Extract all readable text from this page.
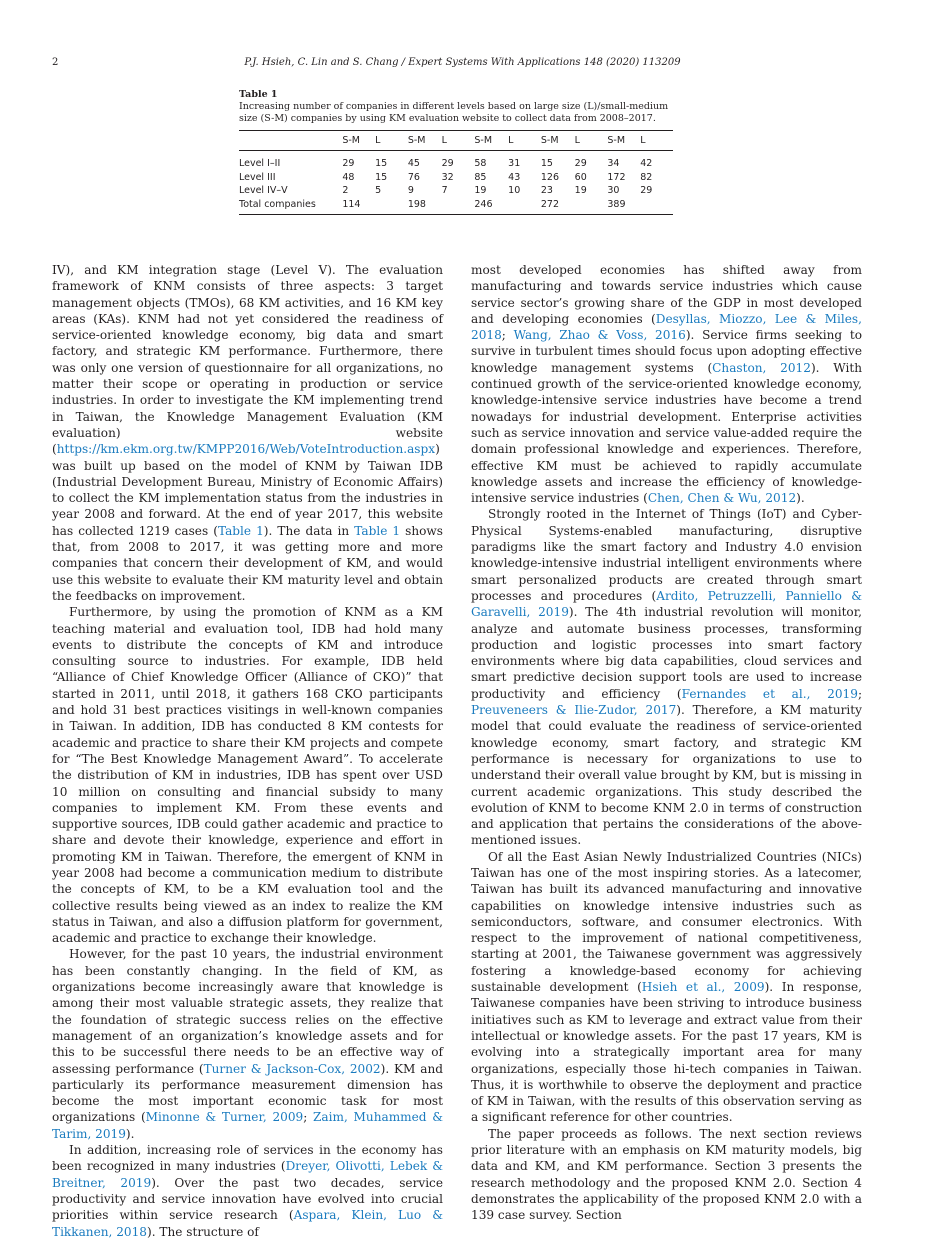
2	P.J. Hsieh, C. Lin and S. Chang / Expert Systems With Applications 148 (2020) 113209
Table 1
Increasing number of companies in different levels based on large size (L)/small-medium size (S-M) companies by using KM evaluation website to collect data from 2008–2017.
	S-M	L	S-M	L	S-M	L	S-M	L	S-M	L
Level I–II	29	15	45	29	58	31	15	29	34	42
Level III	48	15	76	32	85	43	126	60	172	82
Level IV–V	2	5	9	7	19	10	23	19	30	29
Total companies	114		198		246		272		389	

IV), and KM integration stage (Level V). The evaluation framework of KNM consists of three aspects: 3 target management objects (TMOs), 68 KM activities, and 16 KM key areas (KAs). KNM had not yet considered the readiness of service-oriented knowledge economy, big data and smart factory, and strategic KM performance. Furthermore, there was only one version of questionnaire for all organizations, no matter their scope or operating in production or service industries. In order to investigate the KM implementing trend in Taiwan, the Knowledge Management Evaluation (KM evaluation) website (https://km.ekm.org.tw/KMPP2016/Web/VoteIntroduction.aspx) was built up based on the model of KNM by Taiwan IDB (Industrial Development Bureau, Ministry of Economic Affairs) to collect the KM implementation status from the industries in year 2008 and forward. At the end of year 2017, this website has collected 1219 cases (Table 1). The data in Table 1 shows that, from 2008 to 2017, it was getting more and more companies that concern their development of KM, and would use this website to evaluate their KM maturity level and obtain the feedbacks on improvement.

Furthermore, by using the promotion of KNM as a KM teaching material and evaluation tool, IDB had hold many events to distribute the concepts of KM and introduce consulting source to industries. For example, IDB held “Alliance of Chief Knowledge Officer (Alliance of CKO)” that started in 2011, until 2018, it gathers 168 CKO participants and hold 31 best practices visitings in well-known companies in Taiwan. In addition, IDB has conducted 8 KM contests for academic and practice to share their KM projects and compete for “The Best Knowledge Management Award”. To accelerate the distribution of KM in industries, IDB has spent over USD 10 million on consulting and financial subsidy to many companies to implement KM. From these events and supportive sources, IDB could gather academic and practice to share and devote their knowledge, experience and effort in promoting KM in Taiwan. Therefore, the emergent of KNM in year 2008 had become a communication medium to distribute the concepts of KM, to be a KM evaluation tool and the collective results being viewed as an index to realize the KM status in Taiwan, and also a diffusion platform for government, academic and practice to exchange their knowledge.

However, for the past 10 years, the industrial environment has been constantly changing. In the field of KM, as organizations become increasingly aware that knowledge is among their most valuable strategic assets, they realize that the foundation of strategic success relies on the effective management of an organization’s knowledge assets and for this to be successful there needs to be an effective way of assessing performance (Turner & Jackson-Cox, 2002). KM and particularly its performance measurement dimension has become the most important economic task for most organizations (Minonne & Turner, 2009; Zaim, Muhammed & Tarim, 2019).

In addition, increasing role of services in the economy has been recognized in many industries (Dreyer, Olivotti, Lebek & Breitner, 2019). Over the past two decades, service productivity and service innovation have evolved into crucial priorities within service research (Aspara, Klein, Luo & Tikkanen, 2018). The structure of

most developed economies has shifted away from manufacturing and towards service industries which cause service sector’s growing share of the GDP in most developed and developing economies (Desyllas, Miozzo, Lee & Miles, 2018; Wang, Zhao & Voss, 2016). Service firms seeking to survive in turbulent times should focus upon adopting effective knowledge management systems (Chaston, 2012). With continued growth of the service-oriented knowledge economy, knowledge-intensive service industries have become a trend nowadays for industrial development. Enterprise activities such as service innovation and service value-added require the domain professional knowledge and experiences. Therefore, effective KM must be achieved to rapidly accumulate knowledge assets and increase the efficiency of knowledge-intensive service industries (Chen, Chen & Wu, 2012).

Strongly rooted in the Internet of Things (IoT) and Cyber-Physical Systems-enabled manufacturing, disruptive paradigms like the smart factory and Industry 4.0 envision knowledge-intensive industrial intelligent environments where smart personalized products are created through smart processes and procedures (Ardito, Petruzzelli, Panniello & Garavelli, 2019). The 4th industrial revolution will monitor, analyze and automate business processes, transforming production and logistic processes into smart factory environments where big data capabilities, cloud services and smart predictive decision support tools are used to increase productivity and efficiency (Fernandes et al., 2019; Preuveneers & Ilie-Zudor, 2017). Therefore, a KM maturity model that could evaluate the readiness of service-oriented knowledge economy, smart factory, and strategic KM performance is necessary for organizations to use to understand their overall value brought by KM, but is missing in current academic organizations. This study described the evolution of KNM to become KNM 2.0 in terms of construction and application that pertains the considerations of the above-mentioned issues.

Of all the East Asian Newly Industrialized Countries (NICs) Taiwan has one of the most inspiring stories. As a latecomer, Taiwan has built its advanced manufacturing and innovative capabilities on knowledge intensive industries such as semiconductors, software, and consumer electronics. With respect to the improvement of national competitiveness, starting at 2001, the Taiwanese government was aggressively fostering a knowledge-based economy for achieving sustainable development (Hsieh et al., 2009). In response, Taiwanese companies have been striving to introduce business initiatives such as KM to leverage and extract value from their intellectual or knowledge assets. For the past 17 years, KM is evolving into a strategically important area for many organizations, especially those hi-tech companies in Taiwan. Thus, it is worthwhile to observe the deployment and practice of KM in Taiwan, with the results of this observation serving as a significant reference for other countries.

The paper proceeds as follows. The next section reviews prior literature with an emphasis on KM maturity models, big data and KM, and KM performance. Section 3 presents the research methodology and the proposed KNM 2.0. Section 4 demonstrates the applicability of the proposed KNM 2.0 with a 139 case survey. Section
